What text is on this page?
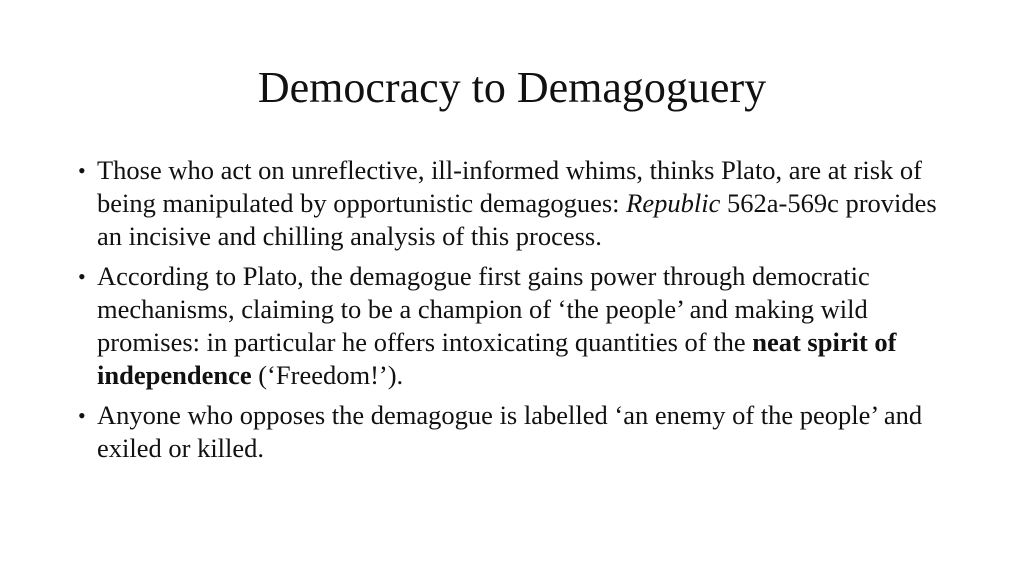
Democracy to Demagoguery
• Those who act on unreflective, ill-informed whims, thinks Plato, are at risk of being manipulated by opportunistic demagogues: Republic 562a-569c provides an incisive and chilling analysis of this process.
• According to Plato, the demagogue first gains power through democratic mechanisms, claiming to be a champion of ‘the people’ and making wild promises: in particular he offers intoxicating quantities of the neat spirit of independence (‘Freedom!’).
• Anyone who opposes the demagogue is labelled ‘an enemy of the people’ and exiled or killed.
